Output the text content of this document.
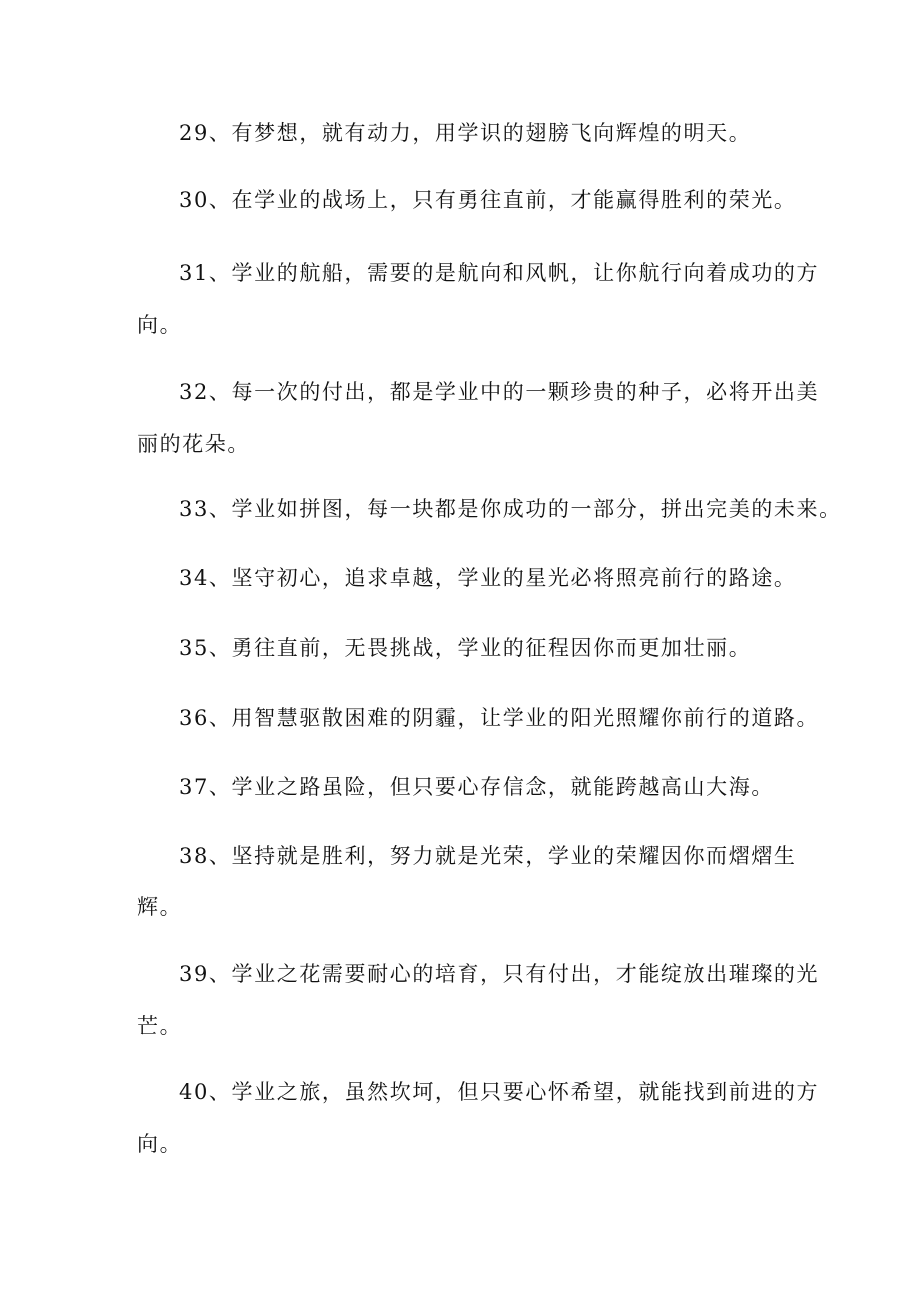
29、有梦想，就有动力，用学识的翅膀飞向辉煌的明天。
30、在学业的战场上，只有勇往直前，才能赢得胜利的荣光。
31、学业的航船，需要的是航向和风帆，让你航行向着成功的方
向。
32、每一次的付出，都是学业中的一颗珍贵的种子，必将开出美
丽的花朵。
33、学业如拼图，每一块都是你成功的一部分，拼出完美的未来。
34、坚守初心，追求卓越，学业的星光必将照亮前行的路途。
35、勇往直前，无畏挑战，学业的征程因你而更加壮丽。
36、用智慧驱散困难的阴霾，让学业的阳光照耀你前行的道路。
37、学业之路虽险，但只要心存信念，就能跨越高山大海。
38、坚持就是胜利，努力就是光荣，学业的荣耀因你而熠熠生
辉。
39、学业之花需要耐心的培育，只有付出，才能绽放出璀璨的光
芒。
40、学业之旅，虽然坎坷，但只要心怀希望，就能找到前进的方
向。
